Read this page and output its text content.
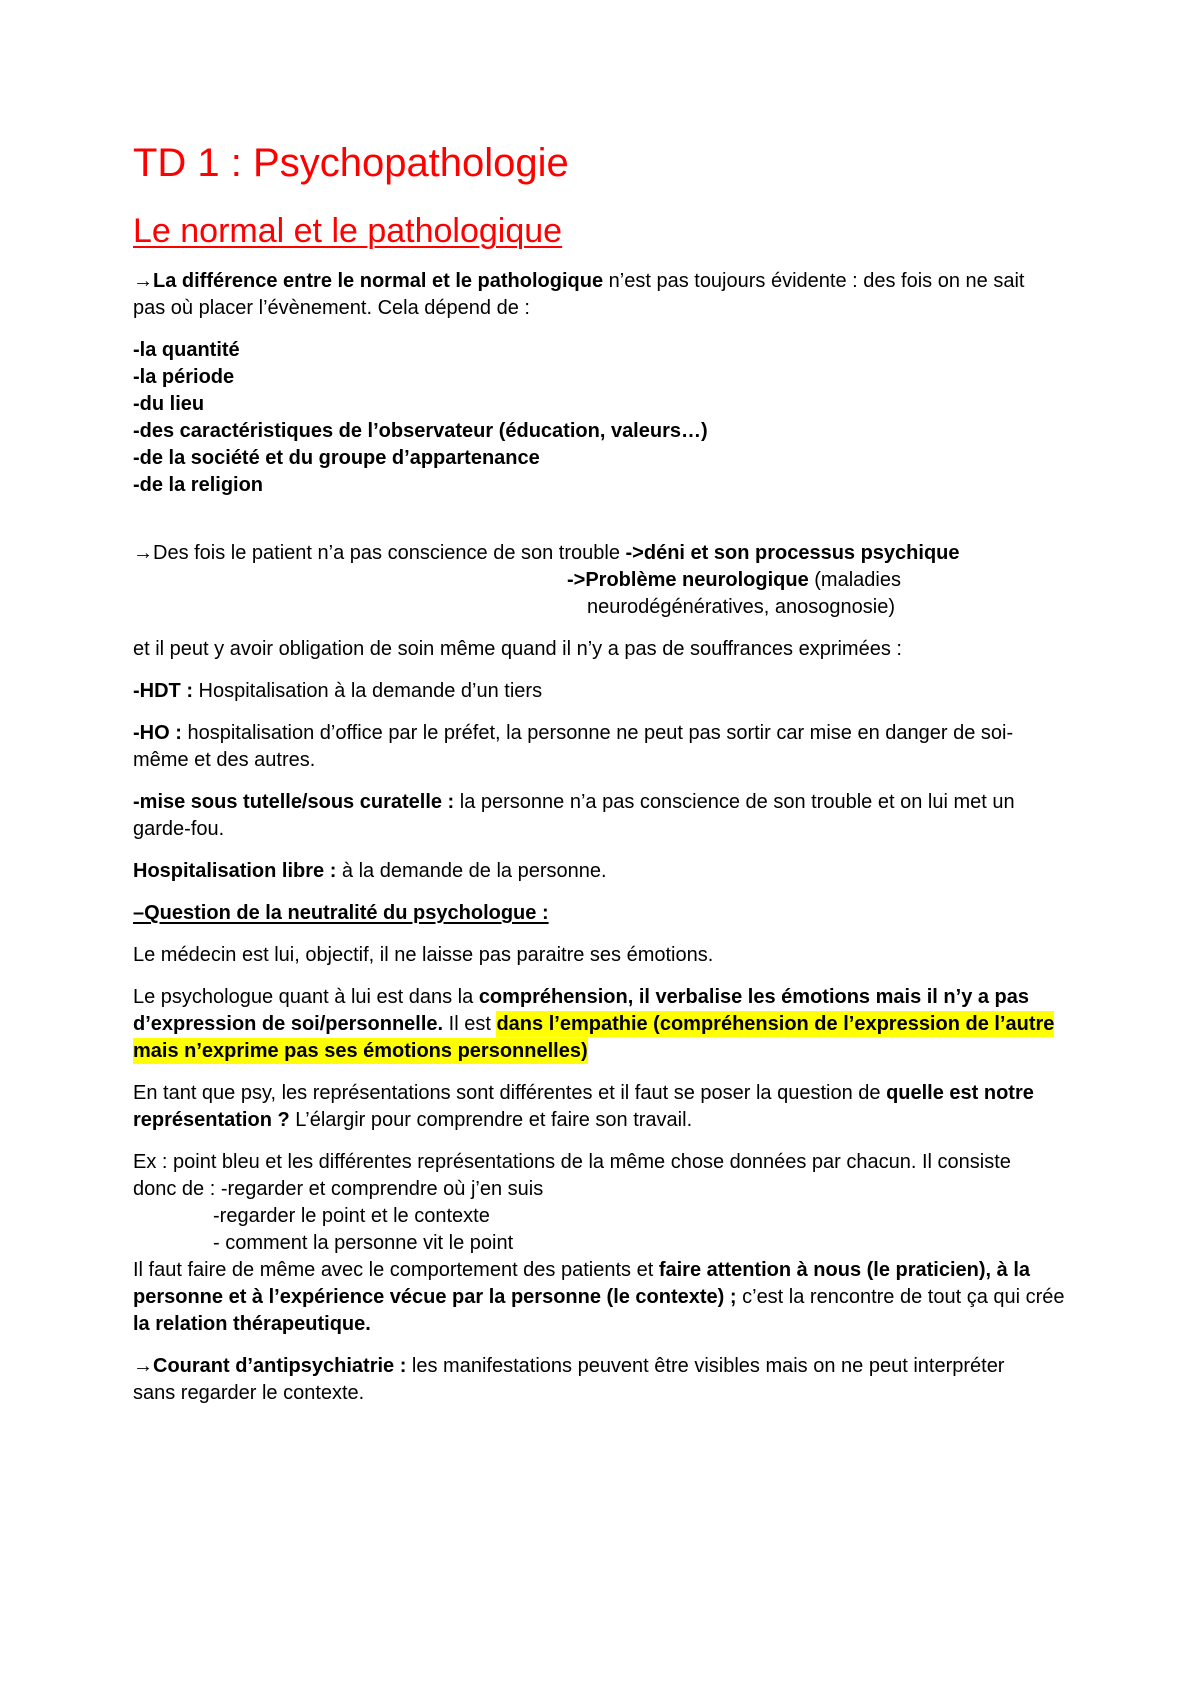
TD 1 : Psychopathologie
Le normal et le pathologique
→La différence entre le normal et le pathologique n’est pas toujours évidente : des fois on ne sait
pas où placer l’évènement. Cela dépend de :
-la quantité
-la période
-du lieu
-des caractéristiques de l’observateur (éducation, valeurs…)
-de la société et du groupe d’appartenance
-de la religion
→Des fois le patient n’a pas conscience de son trouble ->déni et son processus psychique
->Problème neurologique (maladies
neurodégénératives, anosognosie)
et il peut y avoir obligation de soin même quand il n’y a pas de souffrances exprimées :
-HDT : Hospitalisation à la demande d’un tiers
-HO : hospitalisation d’office par le préfet, la personne ne peut pas sortir car mise en danger de soi-
même et des autres.
-mise sous tutelle/sous curatelle : la personne n’a pas conscience de son trouble et on lui met un
garde-fou.
Hospitalisation libre : à la demande de la personne.
–Question de la neutralité du psychologue :
Le médecin est lui, objectif, il ne laisse pas paraitre ses émotions.
Le psychologue quant à lui est dans la compréhension, il verbalise les émotions mais il n’y a pas
d’expression de soi/personnelle. Il est dans l’empathie (compréhension de l’expression de l’autre
mais n’exprime pas ses émotions personnelles)
En tant que psy, les représentations sont différentes et il faut se poser la question de quelle est notre
représentation ? L’élargir pour comprendre et faire son travail.
Ex : point bleu et les différentes représentations de la même chose données par chacun. Il consiste
donc de : -regarder et comprendre où j’en suis
-regarder le point et le contexte
- comment la personne vit le point
Il faut faire de même avec le comportement des patients et faire attention à nous (le praticien), à la
personne et à l’expérience vécue par la personne (le contexte) ; c’est la rencontre de tout ça qui crée
la relation thérapeutique.
→Courant d’antipsychiatrie : les manifestations peuvent être visibles mais on ne peut interpréter
sans regarder le contexte.
